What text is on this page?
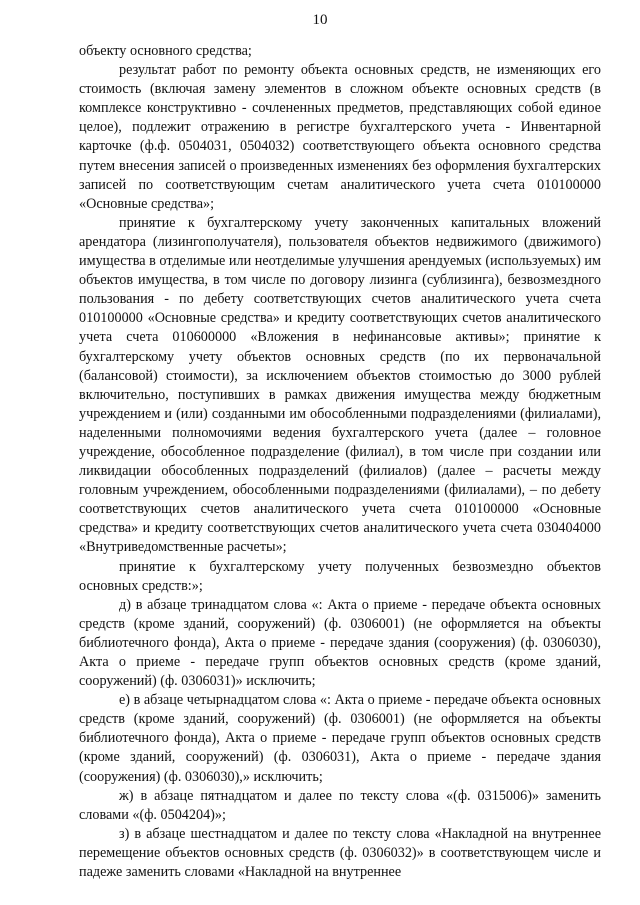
10

объекту основного средства;

результат работ по ремонту объекта основных средств, не изменяющих его стоимость (включая замену элементов в сложном объекте основных средств (в комплексе конструктивно - сочлененных предметов, представляющих собой единое целое), подлежит отражению в регистре бухгалтерского учета - Инвентарной карточке (ф.ф. 0504031, 0504032) соответствующего объекта основного средства путем внесения записей о произведенных изменениях без оформления бухгалтерских записей по соответствующим счетам аналитического учета счета 010100000 «Основные средства»;

принятие к бухгалтерскому учету законченных капитальных вложений арендатора (лизингополучателя), пользователя объектов недвижимого (движимого) имущества в отделимые или неотделимые улучшения арендуемых (используемых) им объектов имущества, в том числе по договору лизинга (сублизинга), безвозмездного пользования - по дебету соответствующих счетов аналитического учета счета 010100000 «Основные средства» и кредиту соответствующих счетов аналитического учета счета 010600000 «Вложения в нефинансовые активы»; принятие к бухгалтерскому учету объектов основных средств (по их первоначальной (балансовой) стоимости), за исключением объектов стоимостью до 3000 рублей включительно, поступивших в рамках движения имущества между бюджетным учреждением и (или) созданными им обособленными подразделениями (филиалами), наделенными полномочиями ведения бухгалтерского учета (далее – головное учреждение, обособленное подразделение (филиал), в том числе при создании или ликвидации обособленных подразделений (филиалов) (далее – расчеты между головным учреждением, обособленными подразделениями (филиалами), – по дебету соответствующих счетов аналитического учета счета 010100000 «Основные средства» и кредиту соответствующих счетов аналитического учета счета 030404000 «Внутриведомственные расчеты»;

принятие к бухгалтерскому учету полученных безвозмездно объектов основных средств:»;

д) в абзаце тринадцатом слова «: Акта о приеме - передаче объекта основных средств (кроме зданий, сооружений) (ф. 0306001) (не оформляется на объекты библиотечного фонда), Акта о приеме - передаче здания (сооружения) (ф. 0306030), Акта о приеме - передаче групп объектов основных средств (кроме зданий, сооружений) (ф. 0306031)» исключить;

е) в абзаце четырнадцатом слова «: Акта о приеме - передаче объекта основных средств (кроме зданий, сооружений) (ф. 0306001) (не оформляется на объекты библиотечного фонда), Акта о приеме - передаче групп объектов основных средств (кроме зданий, сооружений) (ф. 0306031), Акта о приеме - передаче здания (сооружения) (ф. 0306030),» исключить;

ж) в абзаце пятнадцатом и далее по тексту слова «(ф. 0315006)» заменить словами «(ф. 0504204)»;

з) в абзаце шестнадцатом и далее по тексту слова «Накладной на внутреннее перемещение объектов основных средств (ф. 0306032)» в соответствующем числе и падеже заменить словами «Накладной на внутреннее
